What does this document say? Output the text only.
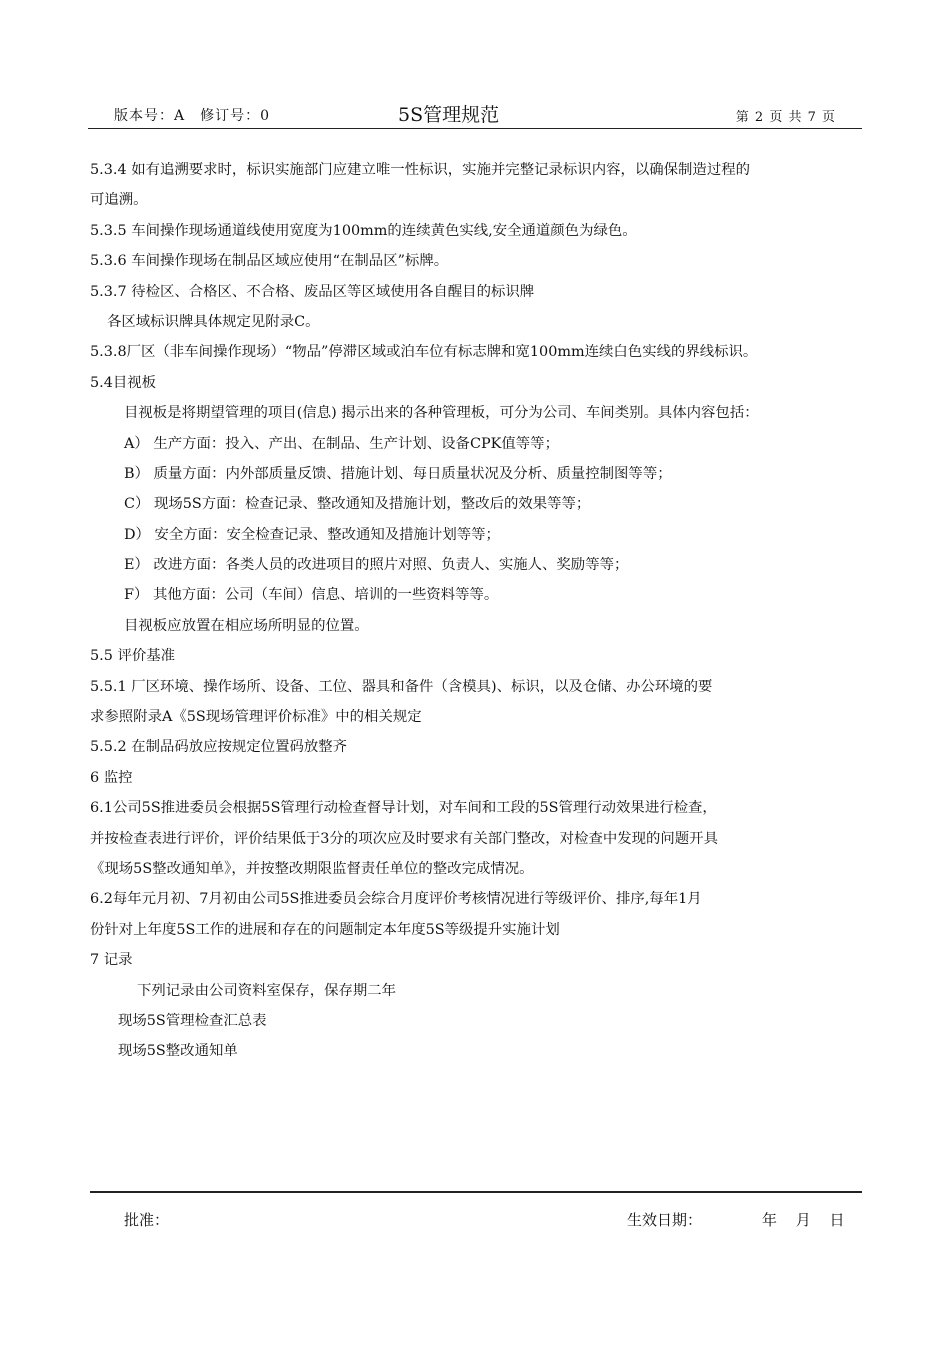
版本号：A　修订号：0	5S管理规范	第 2 页 共 7 页
5.3.4 如有追溯要求时，标识实施部门应建立唯一性标识，实施并完整记录标识内容，以确保制造过程的
可追溯。
5.3.5 车间操作现场通道线使用宽度为100mm的连续黄色实线,安全通道颜色为绿色。
5.3.6 车间操作现场在制品区域应使用“在制品区”标牌。
5.3.7 待检区、合格区、不合格、废品区等区域使用各自醒目的标识牌
各区域标识牌具体规定见附录C。
5.3.8厂区（非车间操作现场）“物品”停滞区域或泊车位有标志牌和宽100mm连续白色实线的界线标识。
5.4目视板
目视板是将期望管理的项目(信息) 揭示出来的各种管理板，可分为公司、车间类别。具体内容包括：
A） 生产方面：投入、产出、在制品、生产计划、设备CPK值等等；
B） 质量方面：内外部质量反馈、措施计划、每日质量状况及分析、质量控制图等等；
C） 现场5S方面：检查记录、整改通知及措施计划，整改后的效果等等；
D） 安全方面：安全检查记录、整改通知及措施计划等等；
E） 改进方面：各类人员的改进项目的照片对照、负责人、实施人、奖励等等；
F） 其他方面：公司（车间）信息、培训的一些资料等等。
目视板应放置在相应场所明显的位置。
5.5 评价基准
5.5.1 厂区环境、操作场所、设备、工位、器具和备件（含模具)、标识，以及仓储、办公环境的要
求参照附录A《5S现场管理评价标准》中的相关规定
5.5.2 在制品码放应按规定位置码放整齐
6 监控
6.1公司5S推进委员会根据5S管理行动检查督导计划，对车间和工段的5S管理行动效果进行检查，
并按检查表进行评价，评价结果低于3分的项次应及时要求有关部门整改，对检查中发现的问题开具
《现场5S整改通知单》，并按整改期限监督责任单位的整改完成情况。
6.2每年元月初、7月初由公司5S推进委员会综合月度评价考核情况进行等级评价、排序,每年1月
份针对上年度5S工作的进展和存在的问题制定本年度5S等级提升实施计划
7 记录
下列记录由公司资料室保存，保存期二年
现场5S管理检查汇总表
现场5S整改通知单
批准：	生效日期：	年 月 日
